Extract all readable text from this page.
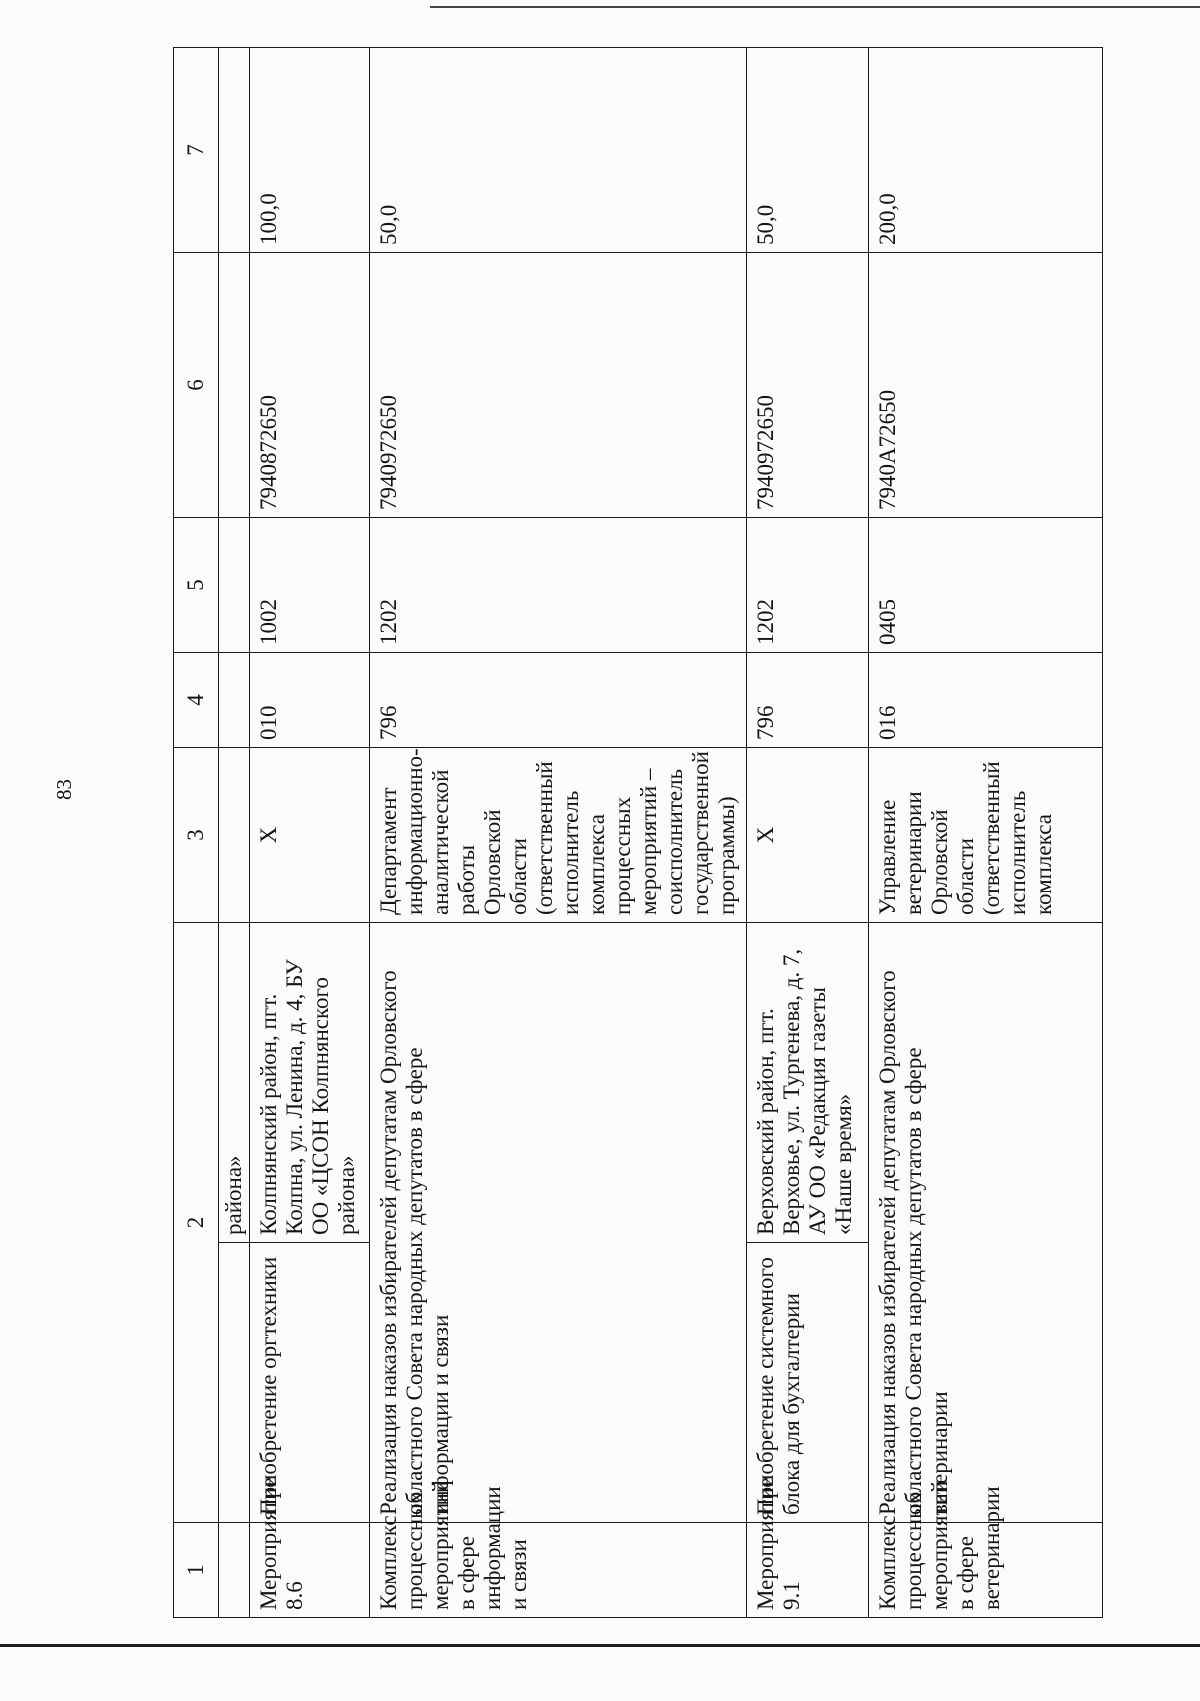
83
1	2		3	4	5	6	7
		района»					
Мероприятие 8.6	Приобретение оргтехники	Колпнянский район, пгт. Колпна, ул. Ленина, д. 4, БУ ОО «ЦСОН Колпнянского района»	X	010	1002	7940872650	100,0
Комплекс процессных мероприятий в сфере информации и связи	Реализация наказов избирателей депутатам Орловского областного Совета народных депутатов в сфере информации и связи		Департамент информационно-аналитической работы Орловской области (ответственный исполнитель комплекса процессных мероприятий – соисполнитель государственной программы)	796	1202	7940972650	50,0
Мероприятие 9.1	Приобретение системного блока для бухгалтерии	Верховский район, пгт. Верховье, ул. Тургенева, д. 7, АУ ОО «Редакция газеты «Наше время»	X	796	1202	7940972650	50,0
Комплекс процессных мероприятий в сфере ветеринарии	Реализация наказов избирателей депутатам Орловского областного Совета народных депутатов в сфере ветеринарии		Управление ветеринарии Орловской области (ответственный исполнитель комплекса	016	0405	7940A72650	200,0
